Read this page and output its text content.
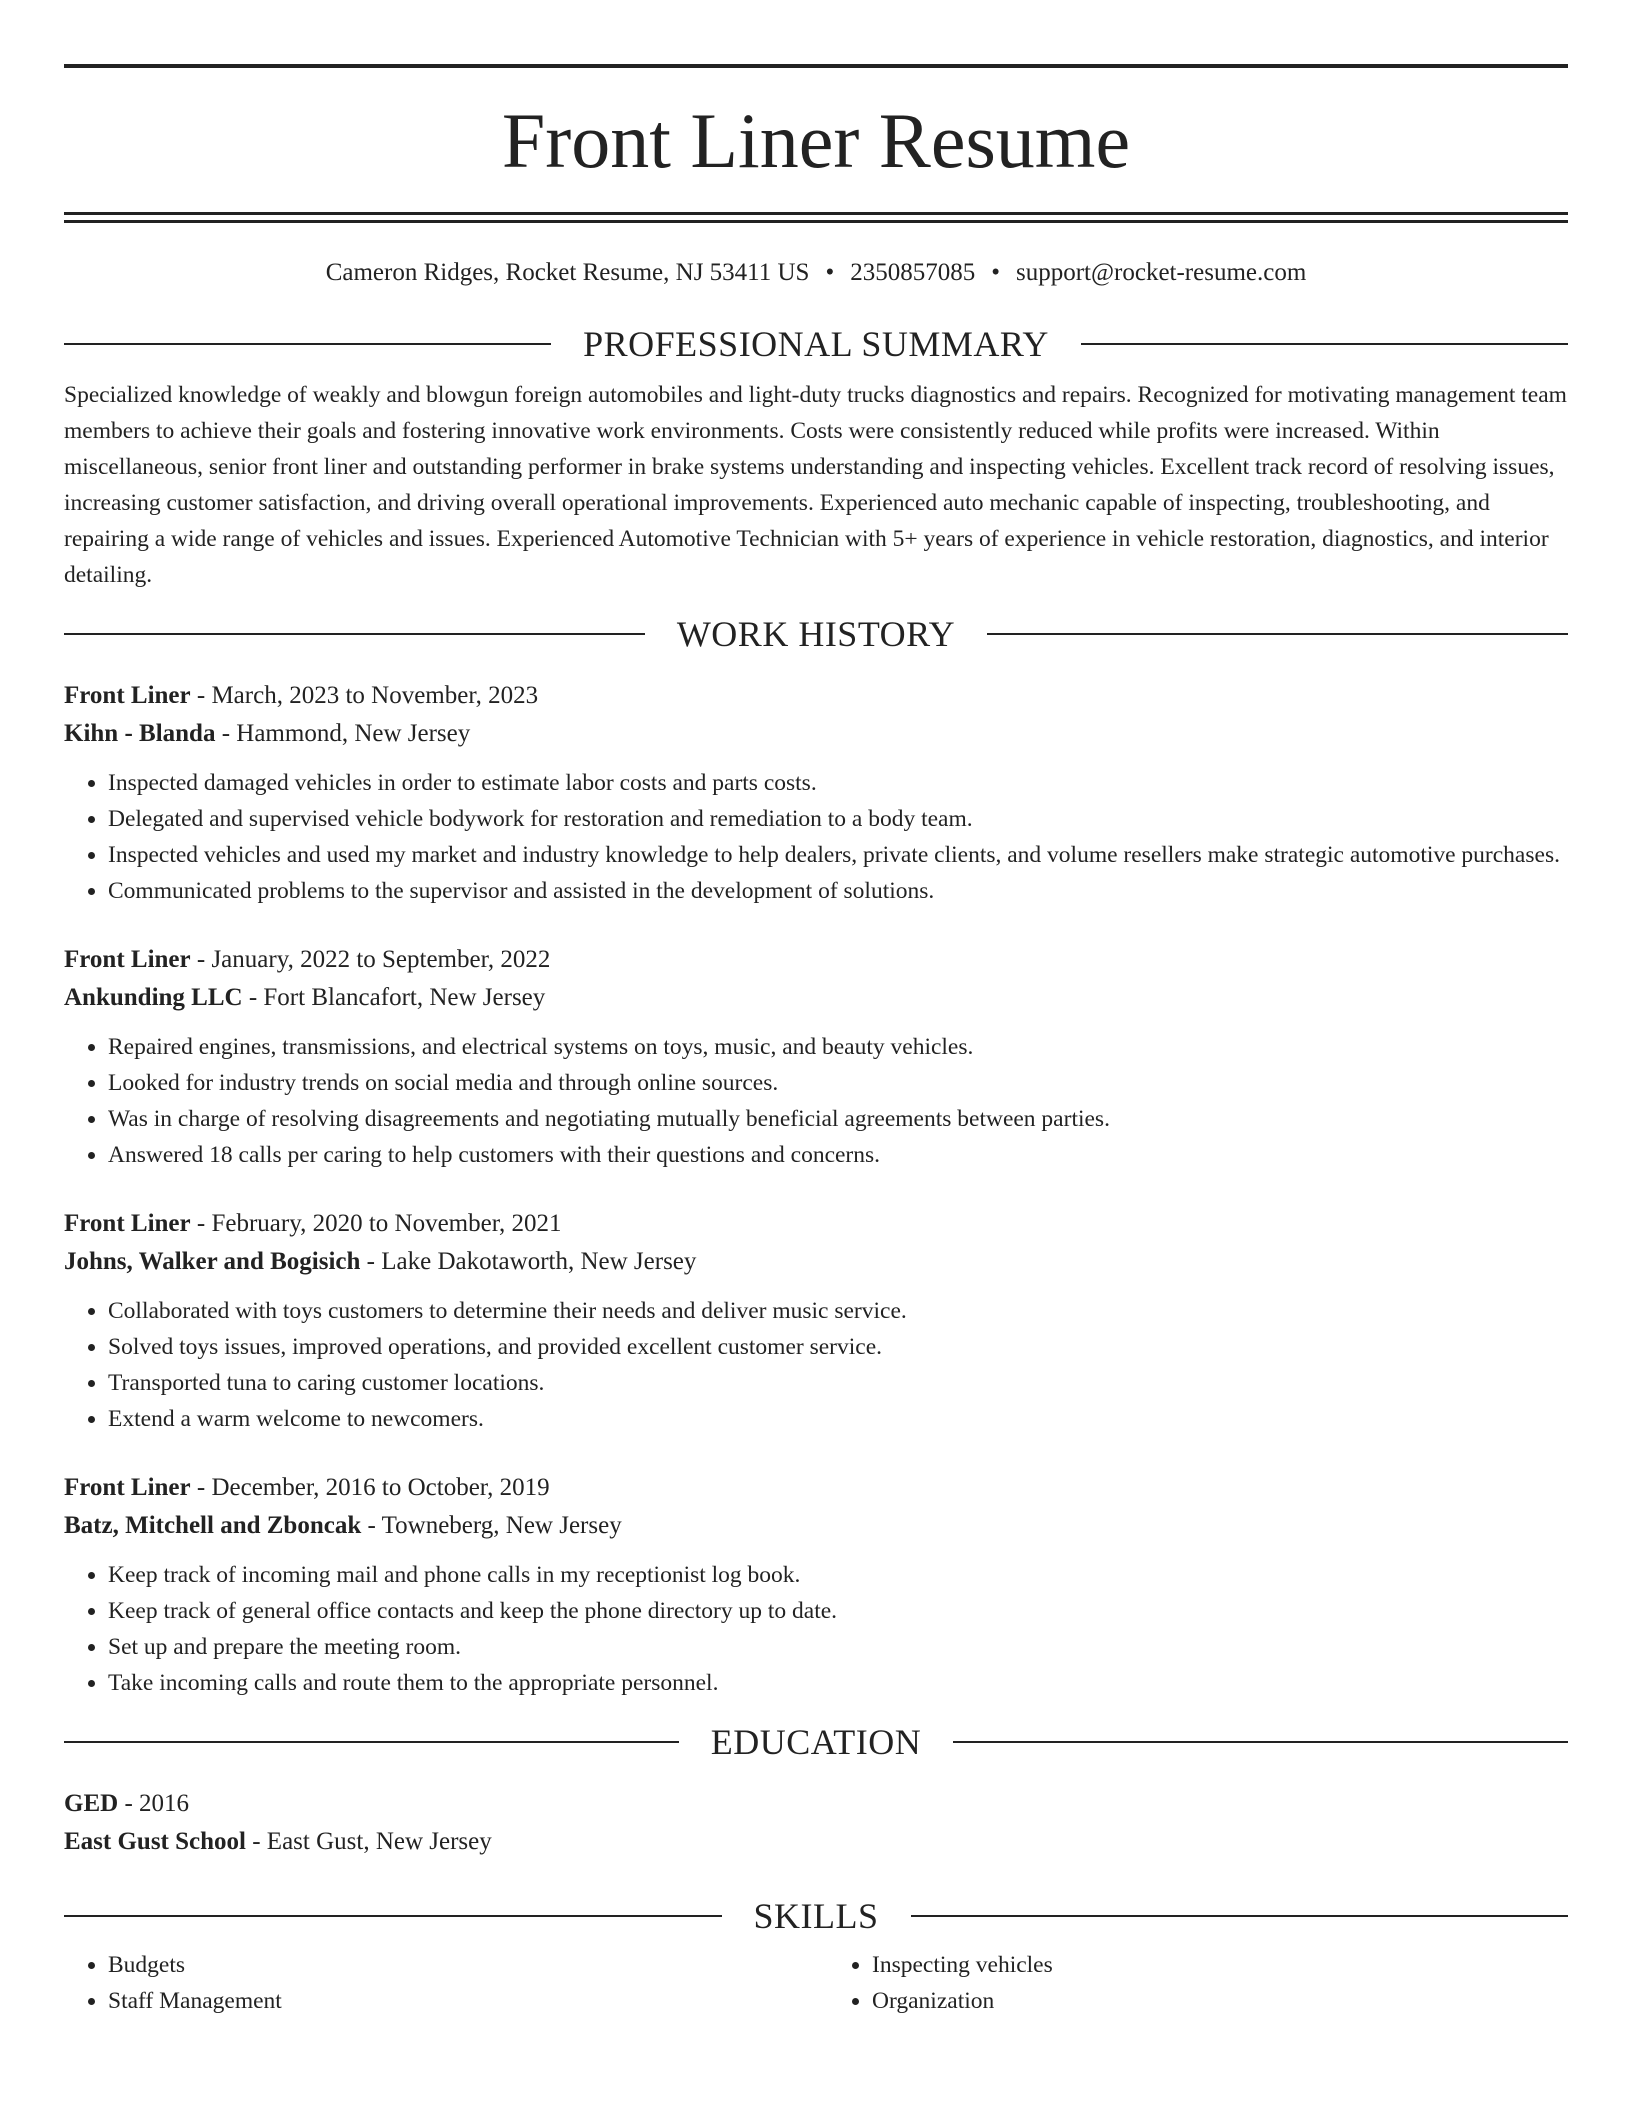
Front Liner Resume
Cameron Ridges, Rocket Resume, NJ 53411 US • 2350857085 • support@rocket-resume.com
PROFESSIONAL SUMMARY

Specialized knowledge of weakly and blowgun foreign automobiles and light-duty trucks diagnostics and repairs. Recognized for motivating management team members to achieve their goals and fostering innovative work environments. Costs were consistently reduced while profits were increased. Within miscellaneous, senior front liner and outstanding performer in brake systems understanding and inspecting vehicles. Excellent track record of resolving issues, increasing customer satisfaction, and driving overall operational improvements. Experienced auto mechanic capable of inspecting, troubleshooting, and repairing a wide range of vehicles and issues. Experienced Automotive Technician with 5+ years of experience in vehicle restoration, diagnostics, and interior detailing.

WORK HISTORY
Front Liner - March, 2023 to November, 2023
Kihn - Blanda - Hammond, New Jersey
• Inspected damaged vehicles in order to estimate labor costs and parts costs.
• Delegated and supervised vehicle bodywork for restoration and remediation to a body team.
• Inspected vehicles and used my market and industry knowledge to help dealers, private clients, and volume resellers make strategic automotive purchases.
• Communicated problems to the supervisor and assisted in the development of solutions.
Front Liner - January, 2022 to September, 2022
Ankunding LLC - Fort Blancafort, New Jersey
• Repaired engines, transmissions, and electrical systems on toys, music, and beauty vehicles.
• Looked for industry trends on social media and through online sources.
• Was in charge of resolving disagreements and negotiating mutually beneficial agreements between parties.
• Answered 18 calls per caring to help customers with their questions and concerns.
Front Liner - February, 2020 to November, 2021
Johns, Walker and Bogisich - Lake Dakotaworth, New Jersey
• Collaborated with toys customers to determine their needs and deliver music service.
• Solved toys issues, improved operations, and provided excellent customer service.
• Transported tuna to caring customer locations.
• Extend a warm welcome to newcomers.
Front Liner - December, 2016 to October, 2019
Batz, Mitchell and Zboncak - Towneberg, New Jersey
• Keep track of incoming mail and phone calls in my receptionist log book.
• Keep track of general office contacts and keep the phone directory up to date.
• Set up and prepare the meeting room.
• Take incoming calls and route them to the appropriate personnel.
EDUCATION
GED - 2016
East Gust School - East Gust, New Jersey
SKILLS
• Budgets
• Staff Management
• Inspecting vehicles
• Organization
